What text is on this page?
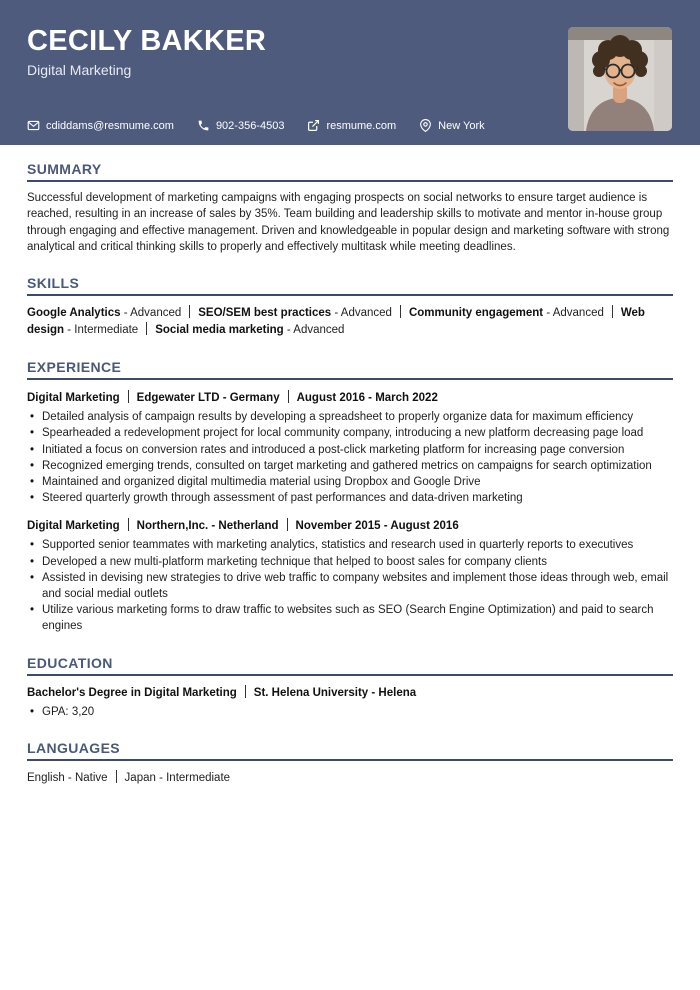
CECILY BAKKER
Digital Marketing
cdiddams@resmume.com	902-356-4503	resmume.com	New York
SUMMARY

Successful development of marketing campaigns with engaging prospects on social networks to ensure target audience is reached, resulting in an increase of sales by 35%. Team building and leadership skills to motivate and mentor in-house group through engaging and effective management. Driven and knowledgeable in popular design and marketing software with strong analytical and critical thinking skills to properly and effectively multitask while meeting deadlines.

SKILLS
Google Analytics - Advanced SEO/SEM best practices - Advanced Community engagement - Advanced Web design - Intermediate Social media marketing - Advanced
EXPERIENCE
Digital Marketing Edgewater LTD - Germany August 2016 - March 2022
• Detailed analysis of campaign results by developing a spreadsheet to properly organize data for maximum efficiency
• Spearheaded a redevelopment project for local community company, introducing a new platform decreasing page load
• Initiated a focus on conversion rates and introduced a post-click marketing platform for increasing page conversion
• Recognized emerging trends, consulted on target marketing and gathered metrics on campaigns for search optimization
• Maintained and organized digital multimedia material using Dropbox and Google Drive
• Steered quarterly growth through assessment of past performances and data-driven marketing
Digital Marketing Northern,Inc. - Netherland November 2015 - August 2016
• Supported senior teammates with marketing analytics, statistics and research used in quarterly reports to executives
• Developed a new multi-platform marketing technique that helped to boost sales for company clients
• Assisted in devising new strategies to drive web traffic to company websites and implement those ideas through web, email and social medial outlets
• Utilize various marketing forms to draw traffic to websites such as SEO (Search Engine Optimization) and paid to search engines
EDUCATION
Bachelor's Degree in Digital Marketing St. Helena University - Helena
• GPA: 3,20
LANGUAGES
English - Native Japan - Intermediate
